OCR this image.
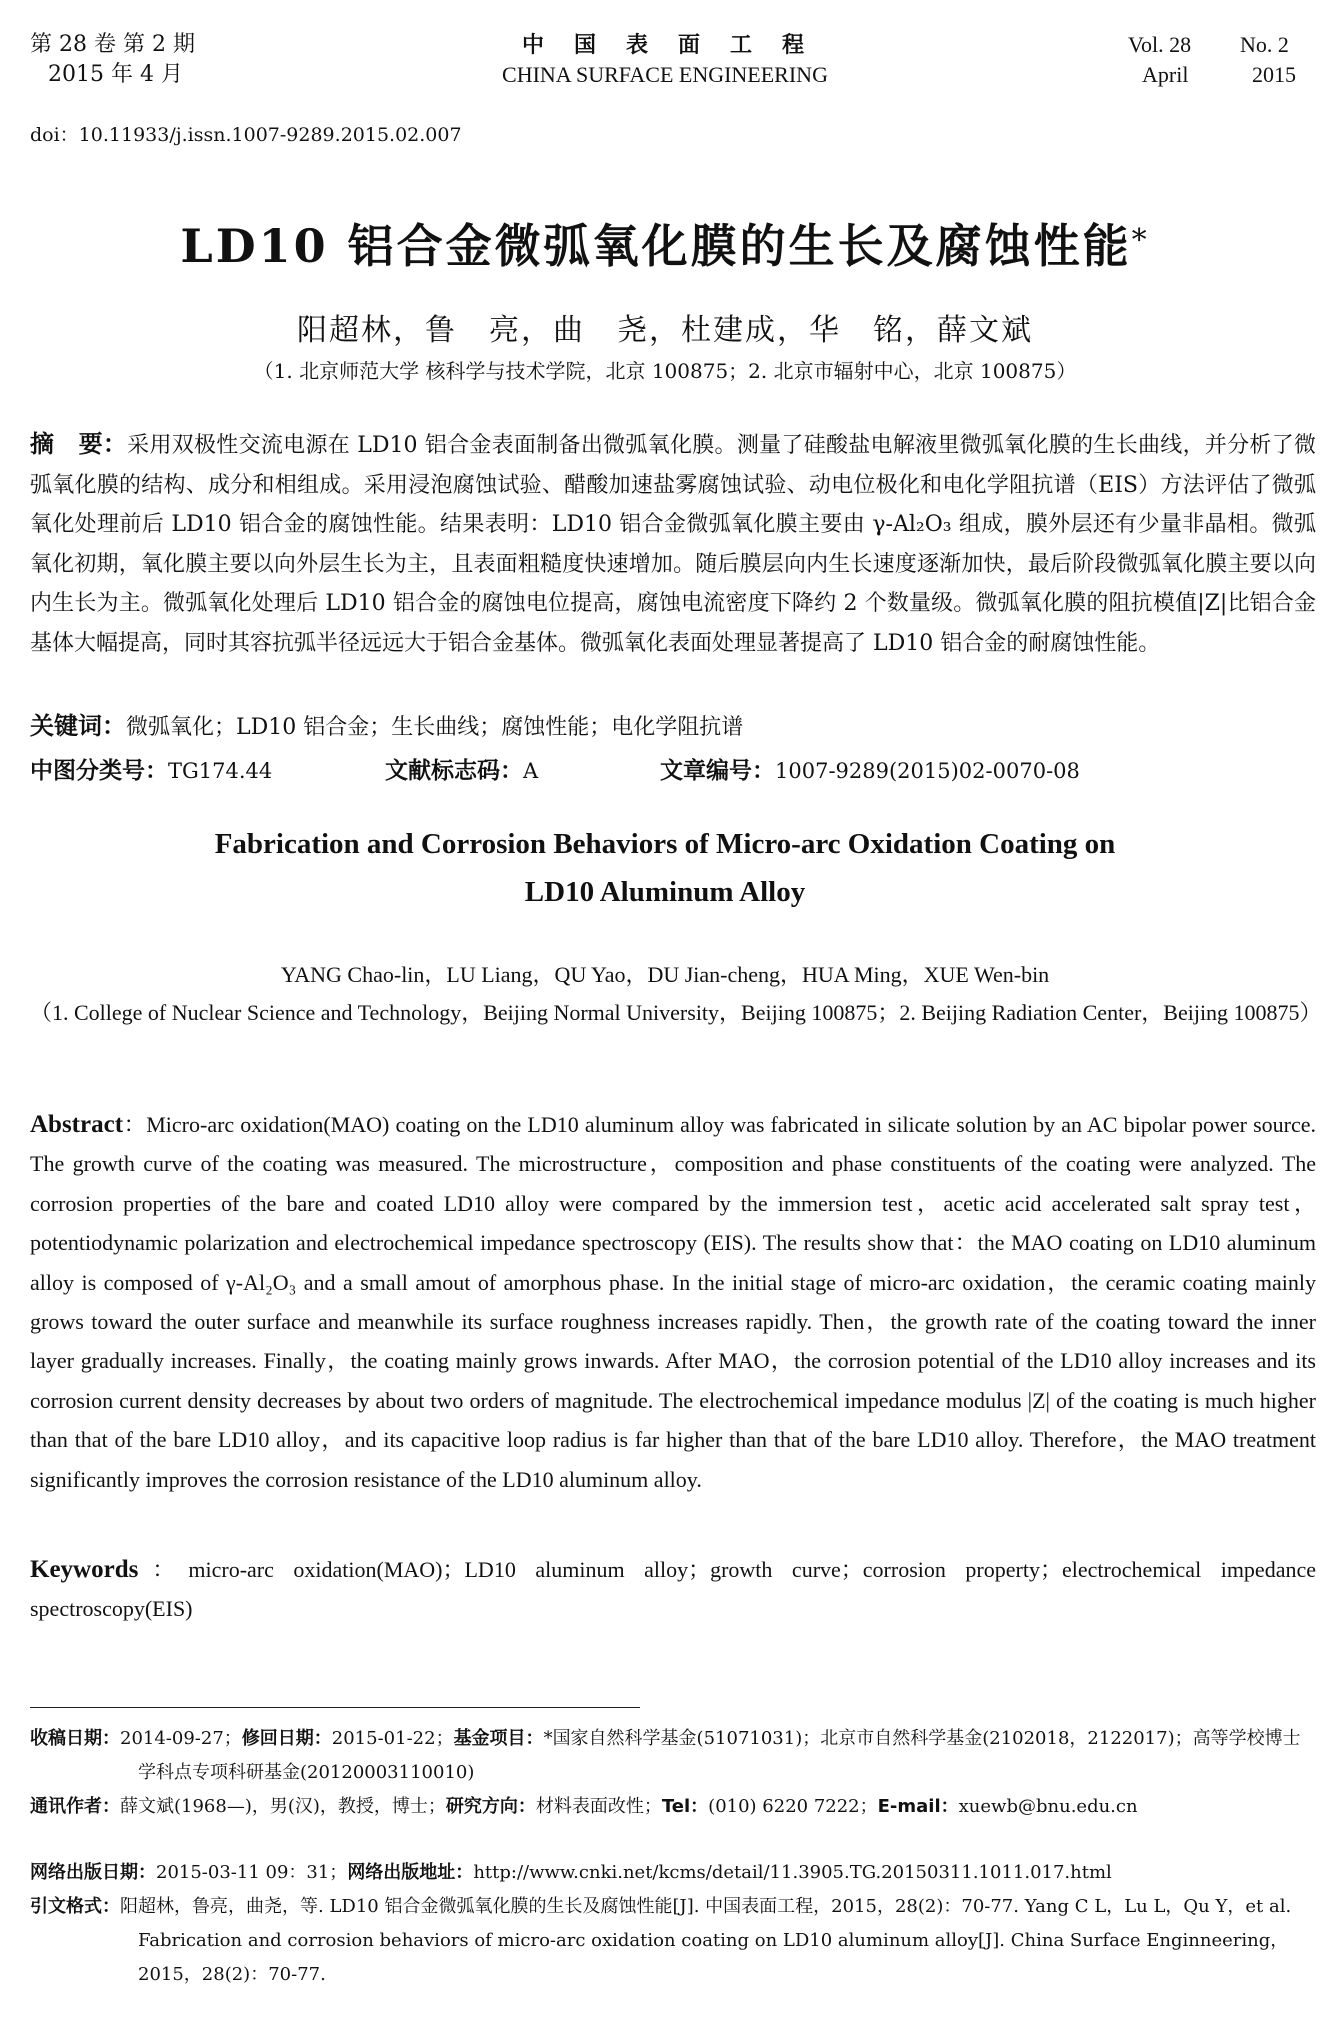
第 28 卷 第 2 期
2015 年 4 月
中　国　表　面　工　程
CHINA SURFACE ENGINEERING
Vol. 28 No. 2
April	2015
doi：10.11933/j.issn.1007-9289.2015.02.007
LD10 铝合金微弧氧化膜的生长及腐蚀性能*
阳超林，鲁　亮，曲　尧，杜建成，华　铭，薛文斌
（1. 北京师范大学 核科学与技术学院，北京 100875；2. 北京市辐射中心，北京 100875）
摘　要：采用双极性交流电源在 LD10 铝合金表面制备出微弧氧化膜。测量了硅酸盐电解液里微弧氧化膜的生长曲线，并分析了微弧氧化膜的结构、成分和相组成。采用浸泡腐蚀试验、醋酸加速盐雾腐蚀试验、动电位极化和电化学阻抗谱（EIS）方法评估了微弧氧化处理前后 LD10 铝合金的腐蚀性能。结果表明：LD10 铝合金微弧氧化膜主要由 γ-Al₂O₃ 组成，膜外层还有少量非晶相。微弧氧化初期，氧化膜主要以向外层生长为主，且表面粗糙度快速增加。随后膜层向内生长速度逐渐加快，最后阶段微弧氧化膜主要以向内生长为主。微弧氧化处理后 LD10 铝合金的腐蚀电位提高，腐蚀电流密度下降约 2 个数量级。微弧氧化膜的阻抗模值|Z|比铝合金基体大幅提高，同时其容抗弧半径远远大于铝合金基体。微弧氧化表面处理显著提高了 LD10 铝合金的耐腐蚀性能。
关键词：微弧氧化；LD10 铝合金；生长曲线；腐蚀性能；电化学阻抗谱
中图分类号：TG174.44	文献标志码：A	文章编号：1007-9289(2015)02-0070-08
Fabrication and Corrosion Behaviors of Micro-arc Oxidation Coating on
LD10 Aluminum Alloy
YANG Chao-lin，LU Liang，QU Yao，DU Jian-cheng，HUA Ming，XUE Wen-bin
（1. College of Nuclear Science and Technology，Beijing Normal University，Beijing 100875；2. Beijing Radiation Center，Beijing 100875）
Abstract：Micro-arc oxidation(MAO) coating on the LD10 aluminum alloy was fabricated in silicate solution by an AC bipolar power source. The growth curve of the coating was measured. The microstructure，composition and phase constituents of the coating were analyzed. The corrosion properties of the bare and coated LD10 alloy were compared by the immersion test，acetic acid accelerated salt spray test，potentiodynamic polarization and electrochemical impedance spectroscopy (EIS). The results show that：the MAO coating on LD10 aluminum alloy is composed of γ-Al₂O₃ and a small amout of amorphous phase. In the initial stage of micro-arc oxidation，the ceramic coating mainly grows toward the outer surface and meanwhile its surface roughness increases rapidly. Then，the growth rate of the coating toward the inner layer gradually increases. Finally，the coating mainly grows inwards. After MAO，the corrosion potential of the LD10 alloy increases and its corrosion current density decreases by about two orders of magnitude. The electrochemical impedance modulus |Z| of the coating is much higher than that of the bare LD10 alloy，and its capacitive loop radius is far higher than that of the bare LD10 alloy. Therefore，the MAO treatment significantly improves the corrosion resistance of the LD10 aluminum alloy.
Keywords：micro-arc oxidation(MAO)；LD10 aluminum alloy；growth curve；corrosion property；electrochemical impedance spectroscopy(EIS)
收稿日期：2014-09-27；修回日期：2015-01-22；基金项目：*国家自然科学基金(51071031)；北京市自然科学基金(2102018，2122017)；高等学校博士学科点专项科研基金(20120003110010)
通讯作者：薛文斌(1968—)，男(汉)，教授，博士；研究方向：材料表面改性；Tel：(010) 6220 7222；E-mail：xuewb@bnu.edu.cn
网络出版日期：2015-03-11 09：31；网络出版地址：http://www.cnki.net/kcms/detail/11.3905.TG.20150311.1011.017.html
引文格式：阳超林，鲁亮，曲尧，等. LD10 铝合金微弧氧化膜的生长及腐蚀性能[J]. 中国表面工程，2015，28(2)：70-77. Yang C L，Lu L，Qu Y，et al. Fabrication and corrosion behaviors of micro-arc oxidation coating on LD10 aluminum alloy[J]. China Surface Enginneering，2015，28(2)：70-77.
